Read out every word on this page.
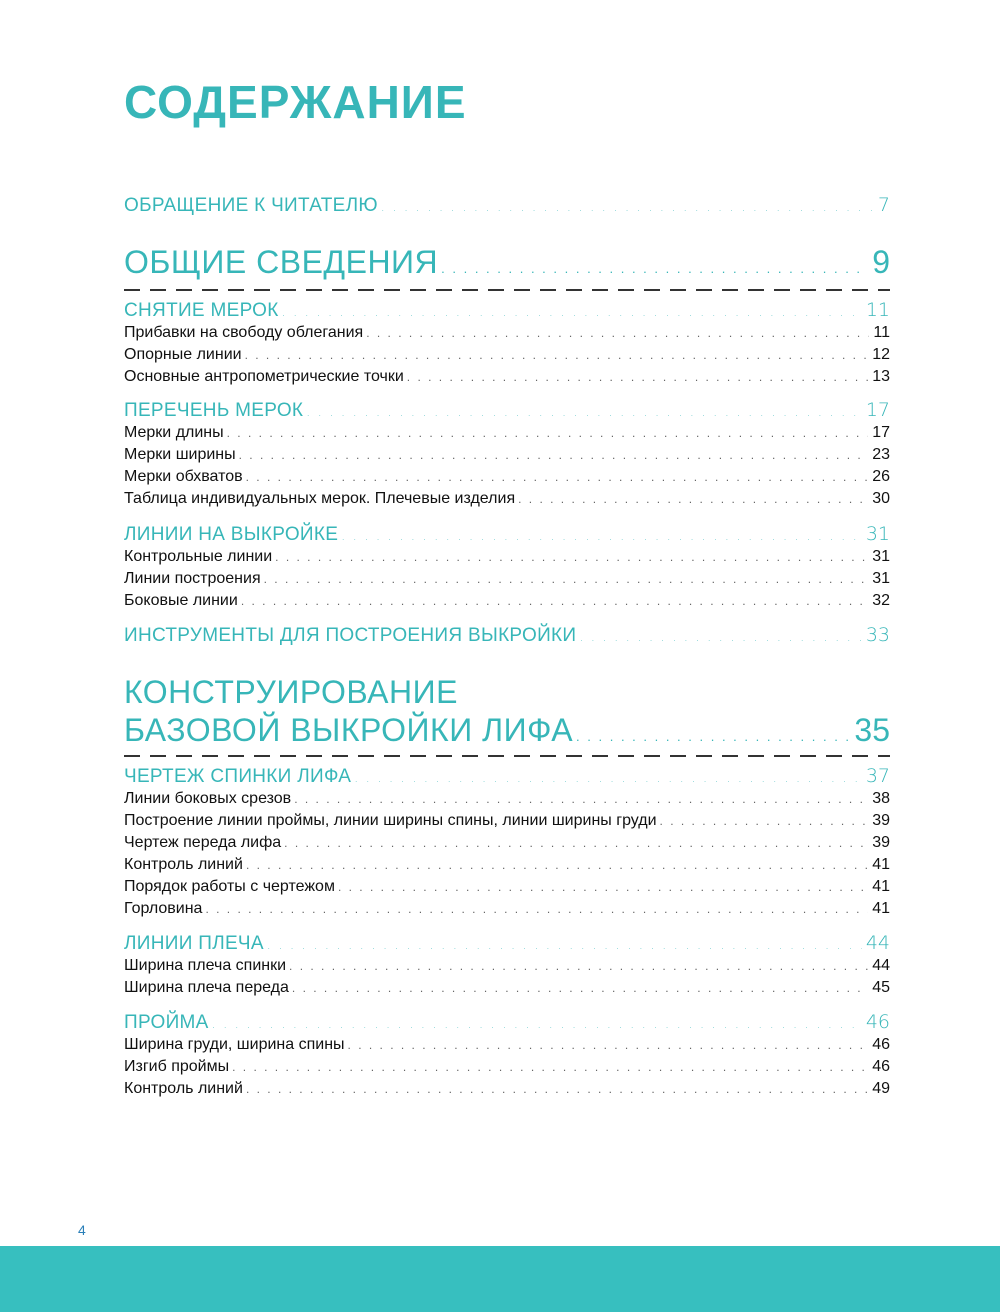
СОДЕРЖАНИЕ
ОБРАЩЕНИЕ К ЧИТАТЕЛЮ . . .	7
ОБЩИЕ СВЕДЕНИЯ . . .	9
СНЯТИЕ МЕРОК . . .	11
Прибавки на свободу облегания . . .	11
Опорные линии . . .	12
Основные антропометрические точки . . .	13
ПЕРЕЧЕНЬ МЕРОК . . .	17
Мерки длины . . .	17
Мерки ширины . . .	23
Мерки обхватов . . .	26
Таблица индивидуальных мерок. Плечевые изделия . . .	30
ЛИНИИ НА ВЫКРОЙКЕ . . .	31
Контрольные линии . . .	31
Линии построения . . .	31
Боковые линии . . .	32
ИНСТРУМЕНТЫ ДЛЯ ПОСТРОЕНИЯ ВЫКРОЙКИ . . .	33
КОНСТРУИРОВАНИЕ
БАЗОВОЙ ВЫКРОЙКИ ЛИФА . . .	35
ЧЕРТЕЖ СПИНКИ ЛИФА . . .	37
Линии боковых срезов . . .	38
Построение линии проймы, линии ширины спины, линии ширины груди . . .	39
Чертеж переда лифа . . .	39
Контроль линий . . .	41
Порядок работы с чертежом . . .	41
Горловина . . .	41
ЛИНИИ ПЛЕЧА . . .	44
Ширина плеча спинки . . .	44
Ширина плеча переда . . .	45
ПРОЙМА . . .	46
Ширина груди, ширина спины . . .	46
Изгиб проймы . . .	46
Контроль линий . . .	49
4
